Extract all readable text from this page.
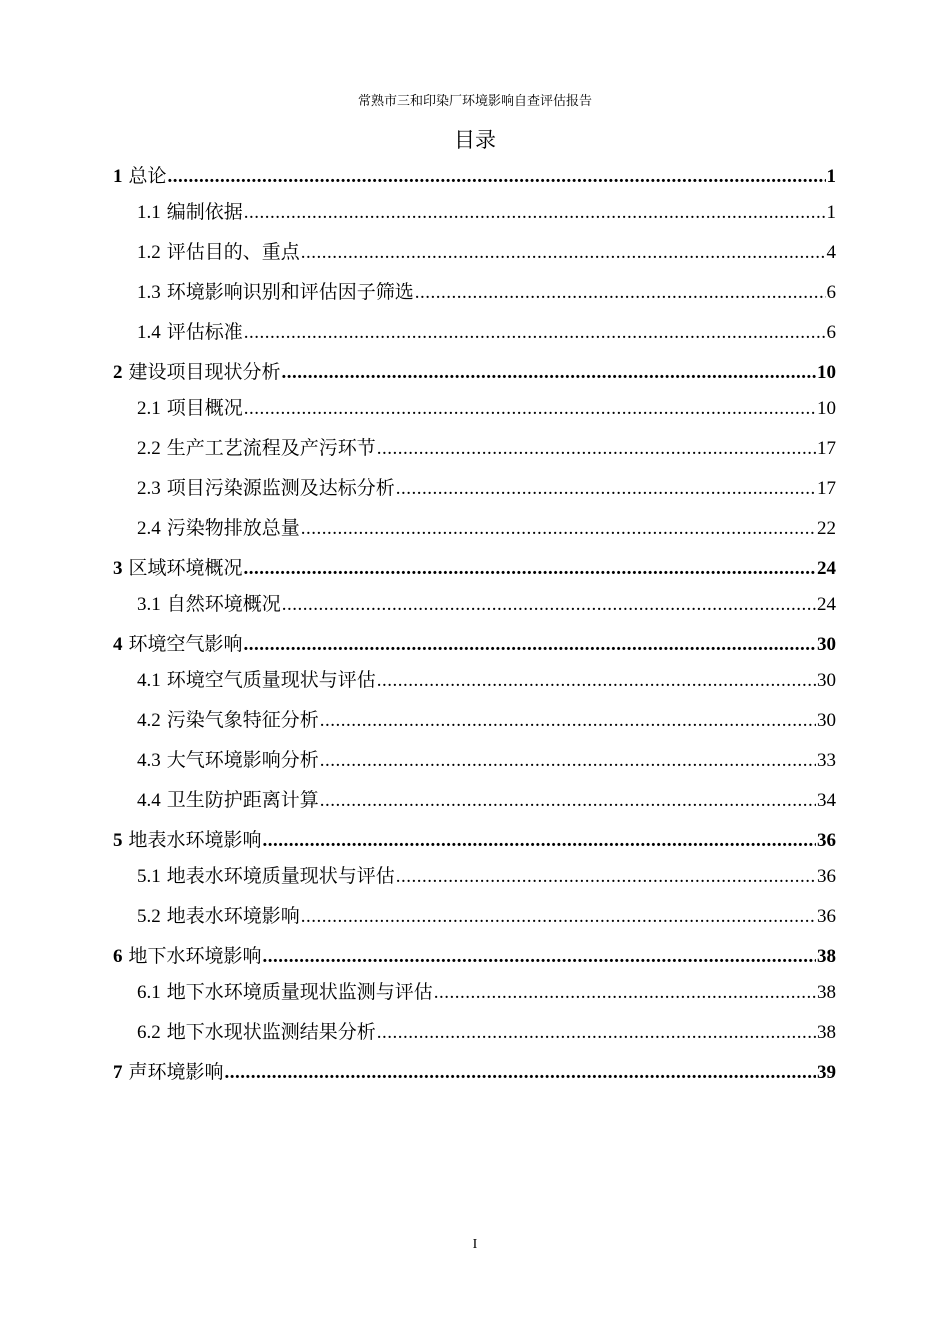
常熟市三和印染厂环境影响自查评估报告
目录
1 总论 .....	1
1.1 编制依据 .....	1
1.2 评估目的、重点 .....	4
1.3 环境影响识别和评估因子筛选 .....	6
1.4 评估标准 .....	6
2 建设项目现状分析 .....	10
2.1 项目概况 .....	10
2.2 生产工艺流程及产污环节 .....	17
2.3 项目污染源监测及达标分析 .....	17
2.4 污染物排放总量 .....	22
3 区域环境概况 .....	24
3.1 自然环境概况 .....	24
4 环境空气影响 .....	30
4.1 环境空气质量现状与评估 .....	30
4.2 污染气象特征分析 .....	30
4.3 大气环境影响分析 .....	33
4.4 卫生防护距离计算 .....	34
5 地表水环境影响 .....	36
5.1 地表水环境质量现状与评估 .....	36
5.2 地表水环境影响 .....	36
6 地下水环境影响 .....	38
6.1 地下水环境质量现状监测与评估 .....	38
6.2 地下水现状监测结果分析 .....	38
7 声环境影响 .....	39
I
